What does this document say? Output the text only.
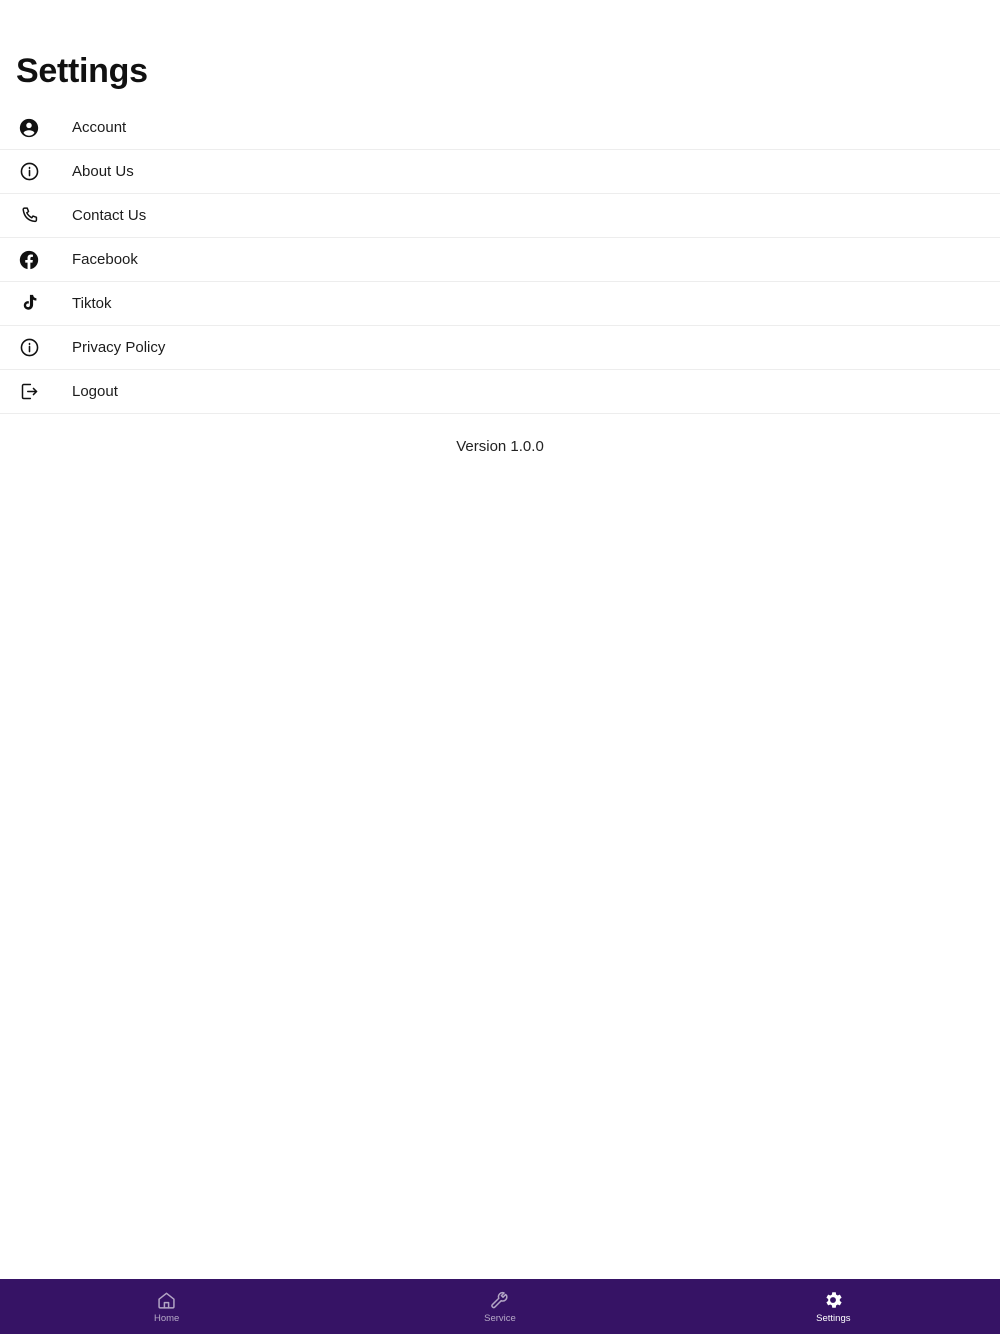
Settings
Account
About Us
Contact Us
Facebook
Tiktok
Privacy Policy
Logout
Version 1.0.0
Home	Service	Settings
